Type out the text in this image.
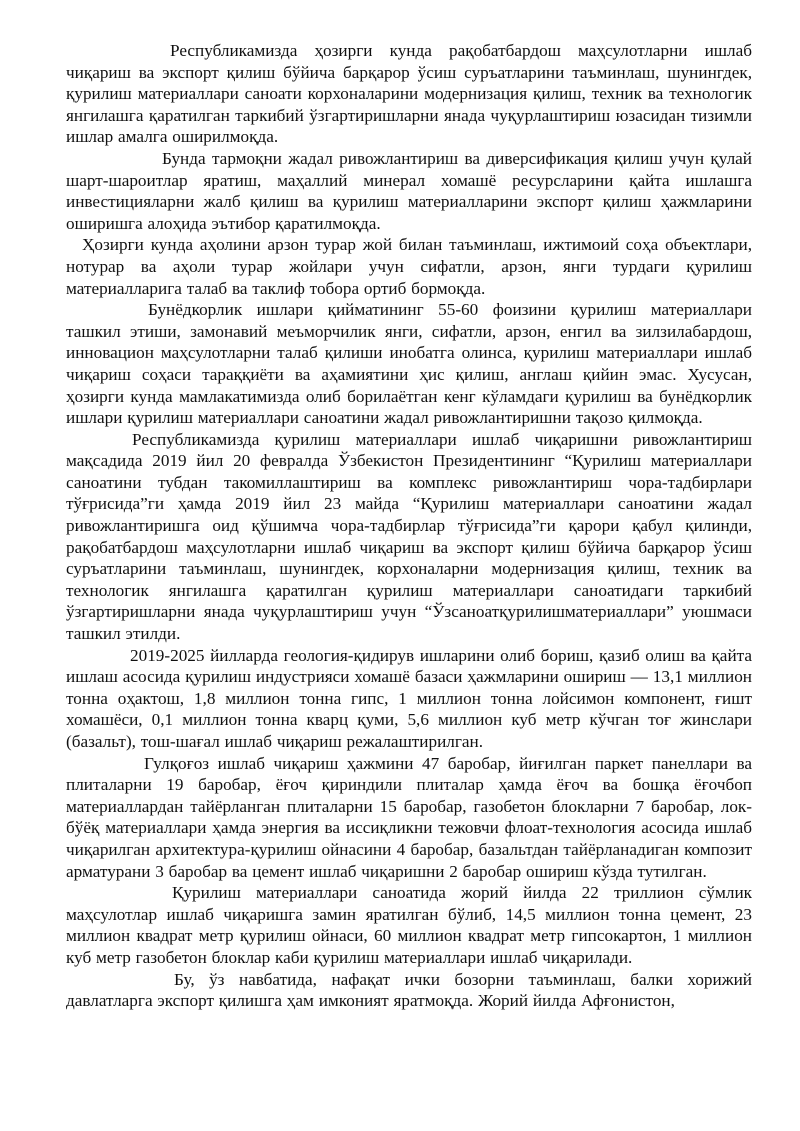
Республикамизда ҳозирги кунда рақобатбардош маҳсулотларни ишлаб чиқариш ва экспорт қилиш бўйича барқарор ўсиш суръатларини таъминлаш, шунингдек, қурилиш материаллари саноати корхоналарини модернизация қилиш, техник ва технологик янгилашга қаратилган таркибий ўзгартиришларни янада чуқурлаштириш юзасидан тизимли ишлар амалга оширилмоқда.

Бунда тармоқни жадал ривожлантириш ва диверсификация қилиш учун қулай шарт-шароитлар яратиш, маҳаллий минерал хомашё ресурсларини қайта ишлашга инвестицияларни жалб қилиш ва қурилиш материалларини экспорт қилиш ҳажмларини оширишга алоҳида эътибор қаратилмоқда.

Ҳозирги кунда аҳолини арзон турар жой билан таъминлаш, ижтимоий соҳа объектлари, нотурар ва аҳоли турар жойлари учун сифатли, арзон, янги турдаги қурилиш материалларига талаб ва таклиф тобора ортиб бормоқда.

Бунёдкорлик ишлари қийматининг 55-60 фоизини қурилиш материаллари ташкил этиши, замонавий меъморчилик янги, сифатли, арзон, енгил ва зилзилабардош, инновацион маҳсулотларни талаб қилиши инобатга олинса, қурилиш материаллари ишлаб чиқариш соҳаси тараққиёти ва аҳамиятини ҳис қилиш, англаш қийин эмас. Хусусан, ҳозирги кунда мамлакатимизда олиб борилаётган кенг кўламдаги қурилиш ва бунёдкорлик ишлари қурилиш материаллари саноатини жадал ривожлантиришни тақозо қилмоқда.

Республикамизда қурилиш материаллари ишлаб чиқаришни ривожлантириш мақсадида 2019 йил 20 февралда Ўзбекистон Президентининг “Қурилиш материаллари саноатини тубдан такомиллаштириш ва комплекс ривожлантириш чора-тадбирлари тўғрисида”ги ҳамда 2019 йил 23 майда “Қурилиш материаллари саноатини жадал ривожлантиришга оид қўшимча чора-тадбирлар тўғрисида”ги қарори қабул қилинди, рақобатбардош маҳсулотларни ишлаб чиқариш ва экспорт қилиш бўйича барқарор ўсиш суръатларини таъминлаш, шунингдек, корхоналарни модернизация қилиш, техник ва технологик янгилашга қаратилган қурилиш материаллари саноатидаги таркибий ўзгартиришларни янада чуқурлаштириш учун “Ўзсаноатқурилишматериаллари” уюшмаси ташкил этилди.

2019-2025 йилларда геология-қидирув ишларини олиб бориш, қазиб олиш ва қайта ишлаш асосида қурилиш индустрияси хомашё базаси ҳажмларини ошириш — 13,1 миллион тонна оҳактош, 1,8 миллион тонна гипс, 1 миллион тонна лойсимон компонент, ғишт хомашёси, 0,1 миллион тонна кварц қуми, 5,6 миллион куб метр кўчган тоғ жинслари (базальт), тош-шағал ишлаб чиқариш режалаштирилган.

Гулқоғоз ишлаб чиқариш ҳажмини 47 баробар, йиғилган паркет панеллари ва плиталарни 19 баробар, ёғоч қириндили плиталар ҳамда ёғоч ва бошқа ёғочбоп материаллардан тайёрланган плиталарни 15 баробар, газобетон блокларни 7 баробар, лок-бўёқ материаллари ҳамда энергия ва иссиқликни тежовчи флоат-технология асосида ишлаб чиқарилган архитектура-қурилиш ойнасини 4 баробар, базальтдан тайёрланадиган композит арматурани 3 баробар ва цемент ишлаб чиқаришни 2 баробар ошириш кўзда тутилган.

Қурилиш материаллари саноатида жорий йилда 22 триллион сўмлик маҳсулотлар ишлаб чиқаришга замин яратилган бўлиб, 14,5 миллион тонна цемент, 23 миллион квадрат метр қурилиш ойнаси, 60 миллион квадрат метр гипсокартон, 1 миллион куб метр газобетон блоклар каби қурилиш материаллари ишлаб чиқарилади.

Бу, ўз навбатида, нафақат ички бозорни таъминлаш, балки хорижий давлатларга экспорт қилишга ҳам имконият яратмоқда. Жорий йилда Афғонистон,
